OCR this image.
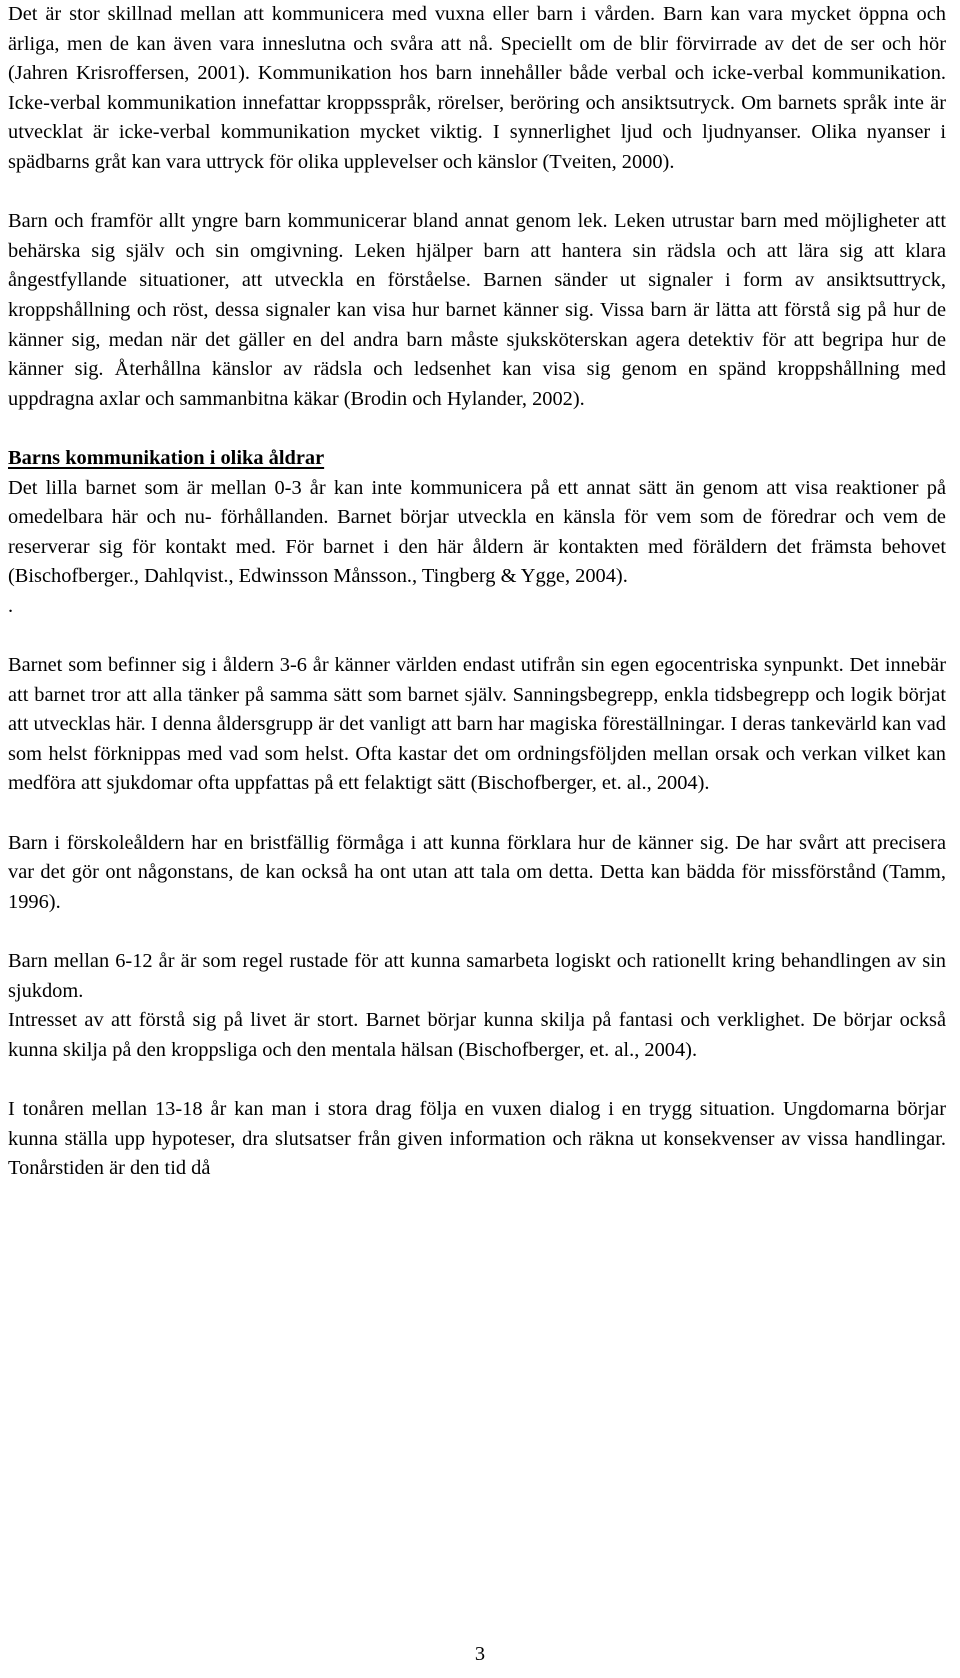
Det är stor skillnad mellan att kommunicera med vuxna eller barn i vården. Barn kan vara mycket öppna och ärliga, men de kan även vara inneslutna och svåra att nå. Speciellt om de blir förvirrade av det de ser och hör (Jahren Krisroffersen, 2001). Kommunikation hos barn innehåller både verbal och icke-verbal kommunikation. Icke-verbal kommunikation innefattar kroppsspråk, rörelser, beröring och ansiktsutryck. Om barnets språk inte är utvecklat är icke-verbal kommunikation mycket viktig. I synnerlighet ljud och ljudnyanser. Olika nyanser i spädbarns gråt kan vara uttryck för olika upplevelser och känslor (Tveiten, 2000).

Barn och framför allt yngre barn kommunicerar bland annat genom lek. Leken utrustar barn med möjligheter att behärska sig själv och sin omgivning. Leken hjälper barn att hantera sin rädsla och att lära sig att klara ångestfyllande situationer, att utveckla en förståelse. Barnen sänder ut signaler i form av ansiktsuttryck, kroppshållning och röst, dessa signaler kan visa hur barnet känner sig. Vissa barn är lätta att förstå sig på hur de känner sig, medan när det gäller en del andra barn måste sjuksköterskan agera detektiv för att begripa hur de känner sig. Återhållna känslor av rädsla och ledsenhet kan visa sig genom en spänd kroppshållning med uppdragna axlar och sammanbitna käkar (Brodin och Hylander, 2002).

Barns kommunikation i olika åldrar

Det lilla barnet som är mellan 0-3 år kan inte kommunicera på ett annat sätt än genom att visa reaktioner på omedelbara här och nu- förhållanden. Barnet börjar utveckla en känsla för vem som de föredrar och vem de reserverar sig för kontakt med. För barnet i den här åldern är kontakten med föräldern det främsta behovet (Bischofberger., Dahlqvist., Edwinsson Månsson., Tingberg & Ygge, 2004).

.

Barnet som befinner sig i åldern 3-6 år känner världen endast utifrån sin egen egocentriska synpunkt. Det innebär att barnet tror att alla tänker på samma sätt som barnet själv. Sanningsbegrepp, enkla tidsbegrepp och logik börjat att utvecklas här. I denna åldersgrupp är det vanligt att barn har magiska föreställningar. I deras tankevärld kan vad som helst förknippas med vad som helst. Ofta kastar det om ordningsföljden mellan orsak och verkan vilket kan medföra att sjukdomar ofta uppfattas på ett felaktigt sätt (Bischofberger, et. al., 2004).

Barn i förskoleåldern har en bristfällig förmåga i att kunna förklara hur de känner sig. De har svårt att precisera var det gör ont någonstans, de kan också ha ont utan att tala om detta. Detta kan bädda för missförstånd (Tamm, 1996).

Barn mellan 6-12 år är som regel rustade för att kunna samarbeta logiskt och rationellt kring behandlingen av sin sjukdom.

Intresset av att förstå sig på livet är stort. Barnet börjar kunna skilja på fantasi och verklighet. De börjar också kunna skilja på den kroppsliga och den mentala hälsan (Bischofberger, et. al., 2004).

I tonåren mellan 13-18 år kan man i stora drag följa en vuxen dialog i en trygg situation. Ungdomarna börjar kunna ställa upp hypoteser, dra slutsatser från given information och räkna ut konsekvenser av vissa handlingar. Tonårstiden är den tid då

3
